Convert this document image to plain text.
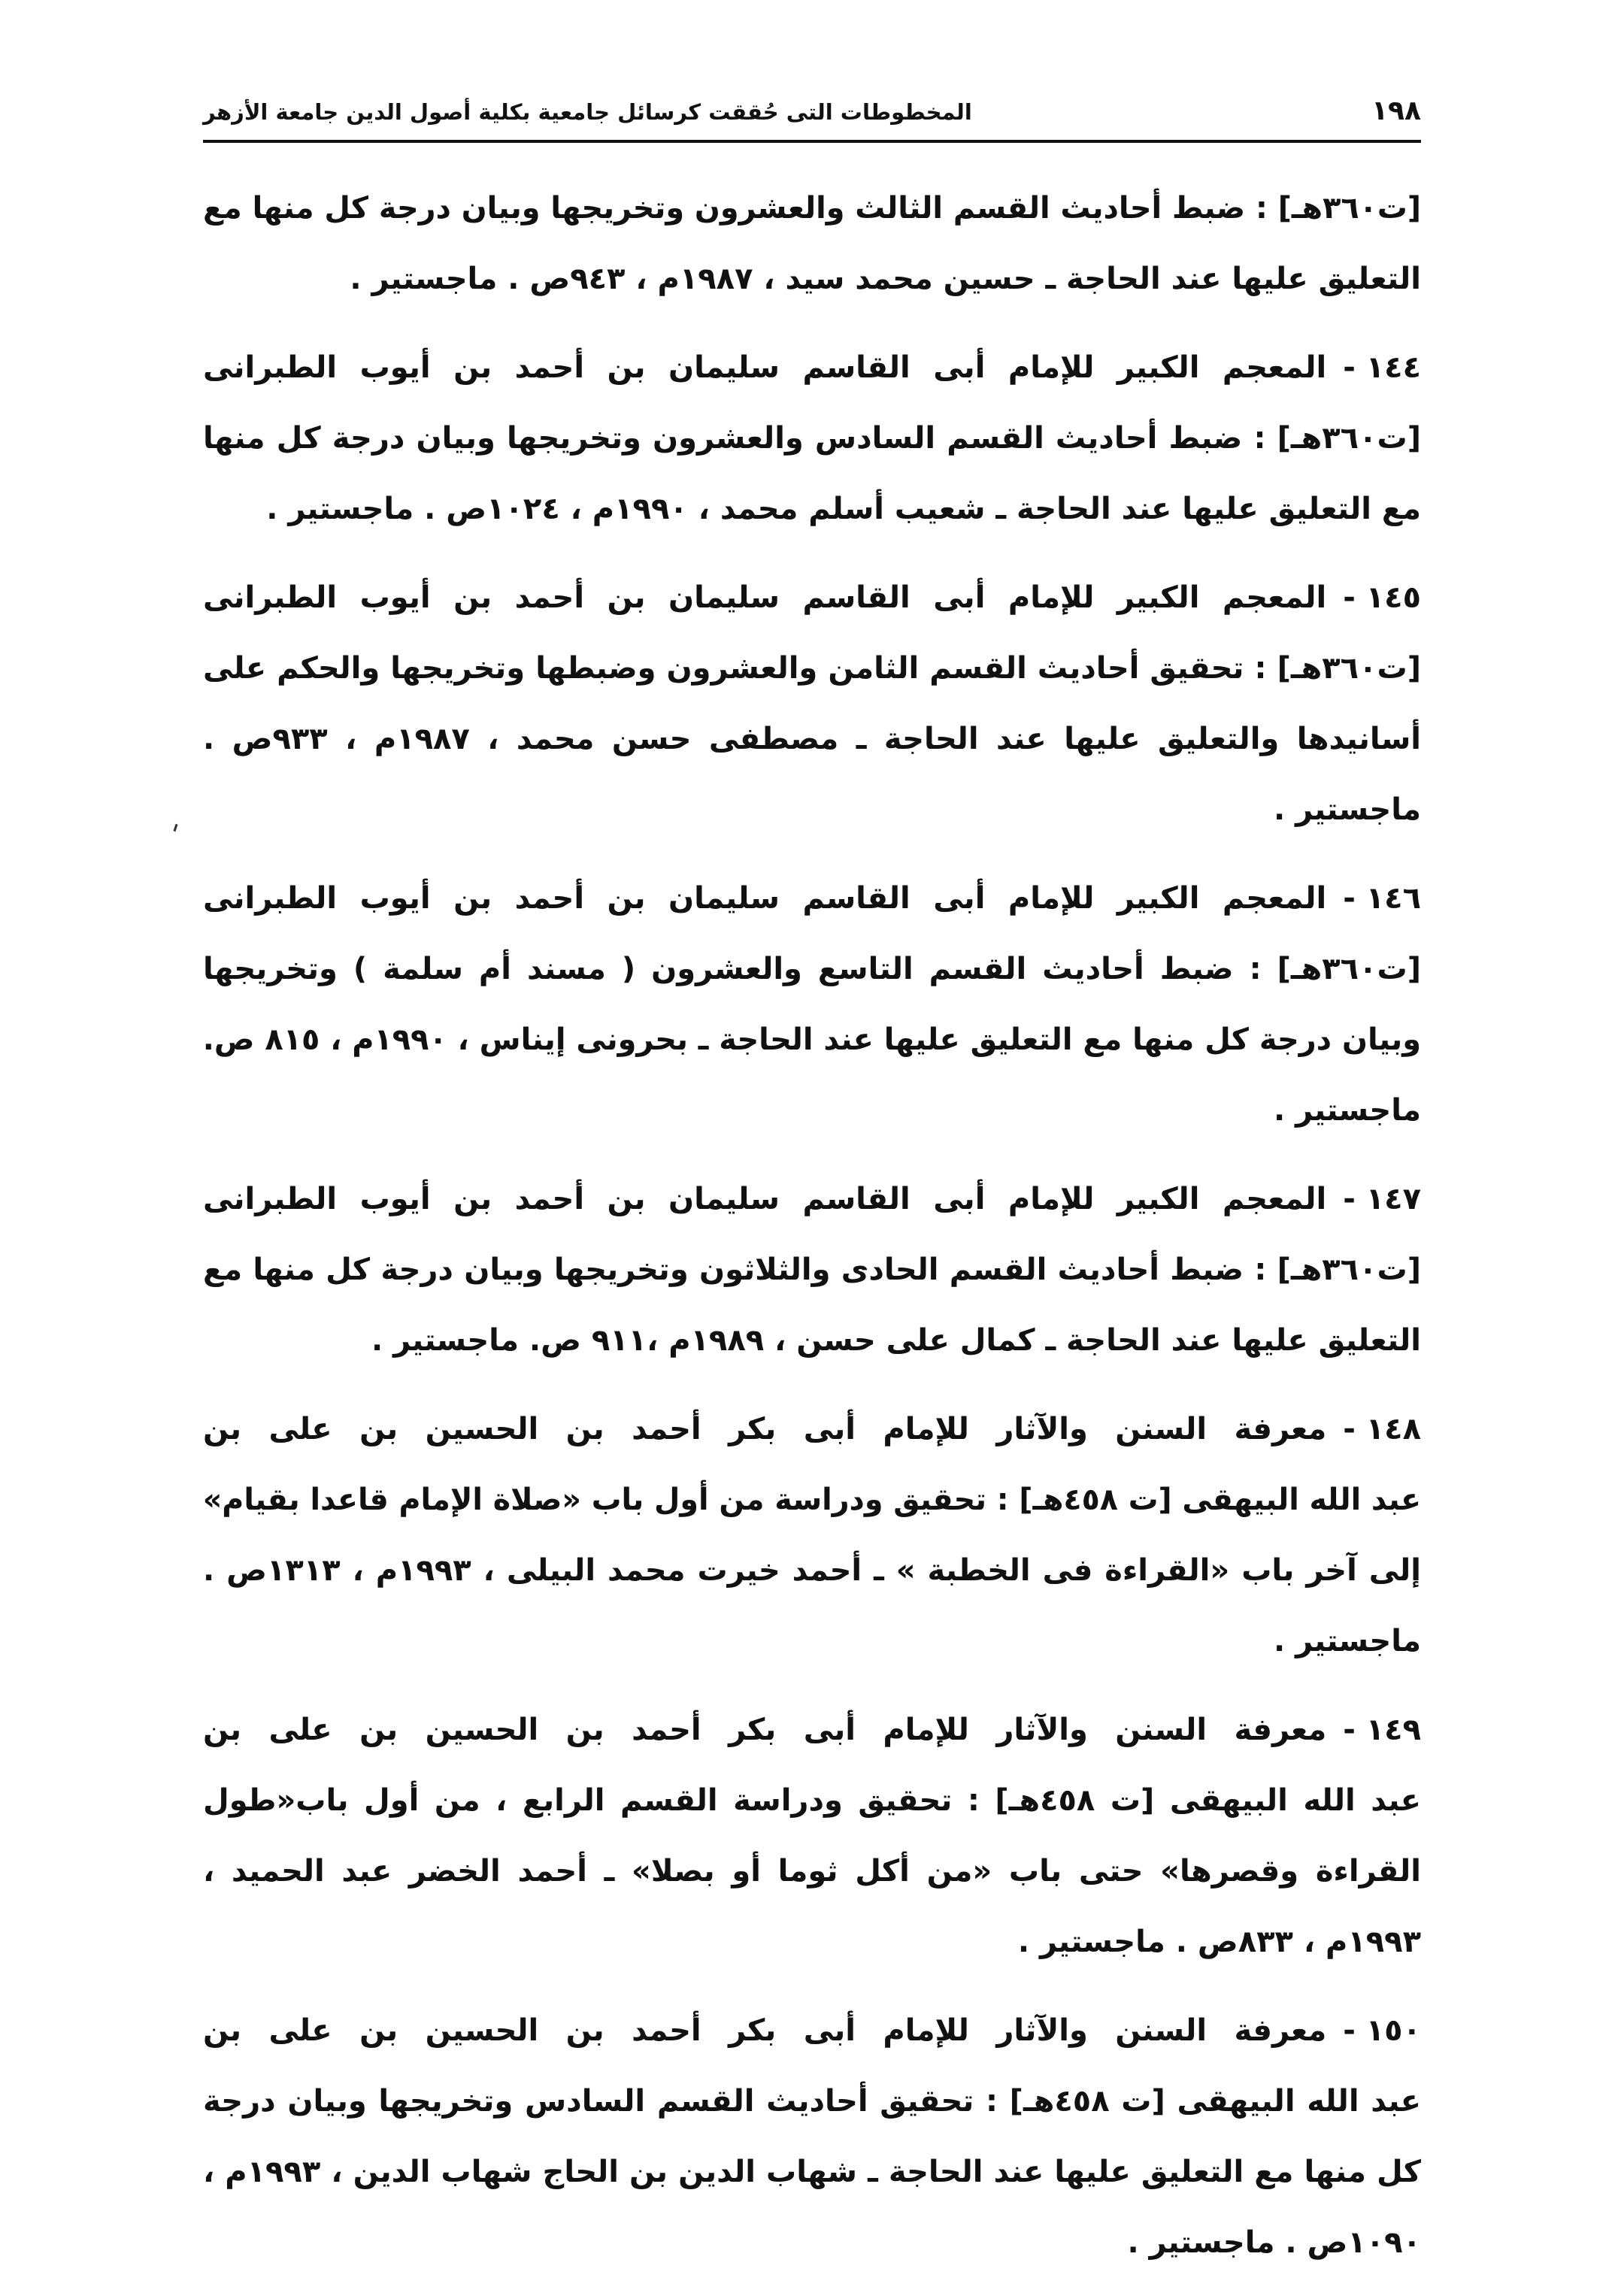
١٩٨
المخطوطات التى حُققت كرسائل جامعية بكلية أصول الدين جامعة الأزهر
[ت٣٦٠هـ] : ضبط أحاديث القسم الثالث والعشرون وتخريجها وبيان درجة كل منها مع
التعليق عليها عند الحاجة ـ حسين محمد سيد ، ١٩٨٧م ، ٩٤٣ص . ماجستير .
١٤٤ -المعجم الكبير للإمام أبى القاسم سليمان بن أحمد بن أيوب الطبرانى
[ت٣٦٠هـ] : ضبط أحاديث القسم السادس والعشرون وتخريجها وبيان درجة كل منها
مع التعليق عليها عند الحاجة ـ شعيب أسلم محمد ، ١٩٩٠م ، ١٠٢٤ص . ماجستير .
١٤٥ -المعجم الكبير للإمام أبى القاسم سليمان بن أحمد بن أيوب الطبرانى
[ت٣٦٠هـ] : تحقيق أحاديث القسم الثامن والعشرون وضبطها وتخريجها والحكم على
أسانيدها والتعليق عليها عند الحاجة ـ مصطفى حسن محمد ، ١٩٨٧م ، ٩٣٣ص .
ماجستير .
١٤٦ -المعجم الكبير للإمام أبى القاسم سليمان بن أحمد بن أيوب الطبرانى
[ت٣٦٠هـ] : ضبط أحاديث القسم التاسع والعشرون ( مسند أم سلمة ) وتخريجها
وبيان درجة كل منها مع التعليق عليها عند الحاجة ـ بحرونى إيناس ، ١٩٩٠م ، ٨١٥ ص.
ماجستير .
١٤٧ -المعجم الكبير للإمام أبى القاسم سليمان بن أحمد بن أيوب الطبرانى
[ت٣٦٠هـ] : ضبط أحاديث القسم الحادى والثلاثون وتخريجها وبيان درجة كل منها مع
التعليق عليها عند الحاجة ـ كمال على حسن ، ١٩٨٩م ،٩١١ ص. ماجستير .
١٤٨ -معرفة السنن والآثار للإمام أبى بكر أحمد بن الحسين بن على بن
عبد الله البيهقى [ت ٤٥٨هـ] : تحقيق ودراسة من أول باب «صلاة الإمام قاعدا بقيام»
إلى آخر باب «القراءة فى الخطبة » ـ أحمد خيرت محمد البيلى ، ١٩٩٣م ، ١٣١٣ص .
ماجستير .
١٤٩ -معرفة السنن والآثار للإمام أبى بكر أحمد بن الحسين بن على بن
عبد الله البيهقى [ت ٤٥٨هـ] : تحقيق ودراسة القسم الرابع ، من أول باب«طول
القراءة وقصرها» حتى باب «من أكل ثوما أو بصلا» ـ أحمد الخضر عبد الحميد ،
١٩٩٣م ، ٨٣٣ص . ماجستير .
١٥٠ -معرفة السنن والآثار للإمام أبى بكر أحمد بن الحسين بن على بن
عبد الله البيهقى [ت ٤٥٨هـ] : تحقيق أحاديث القسم السادس وتخريجها وبيان درجة
كل منها مع التعليق عليها عند الحاجة ـ شهاب الدين بن الحاج شهاب الدين ، ١٩٩٣م ،
١٠٩٠ص . ماجستير .
